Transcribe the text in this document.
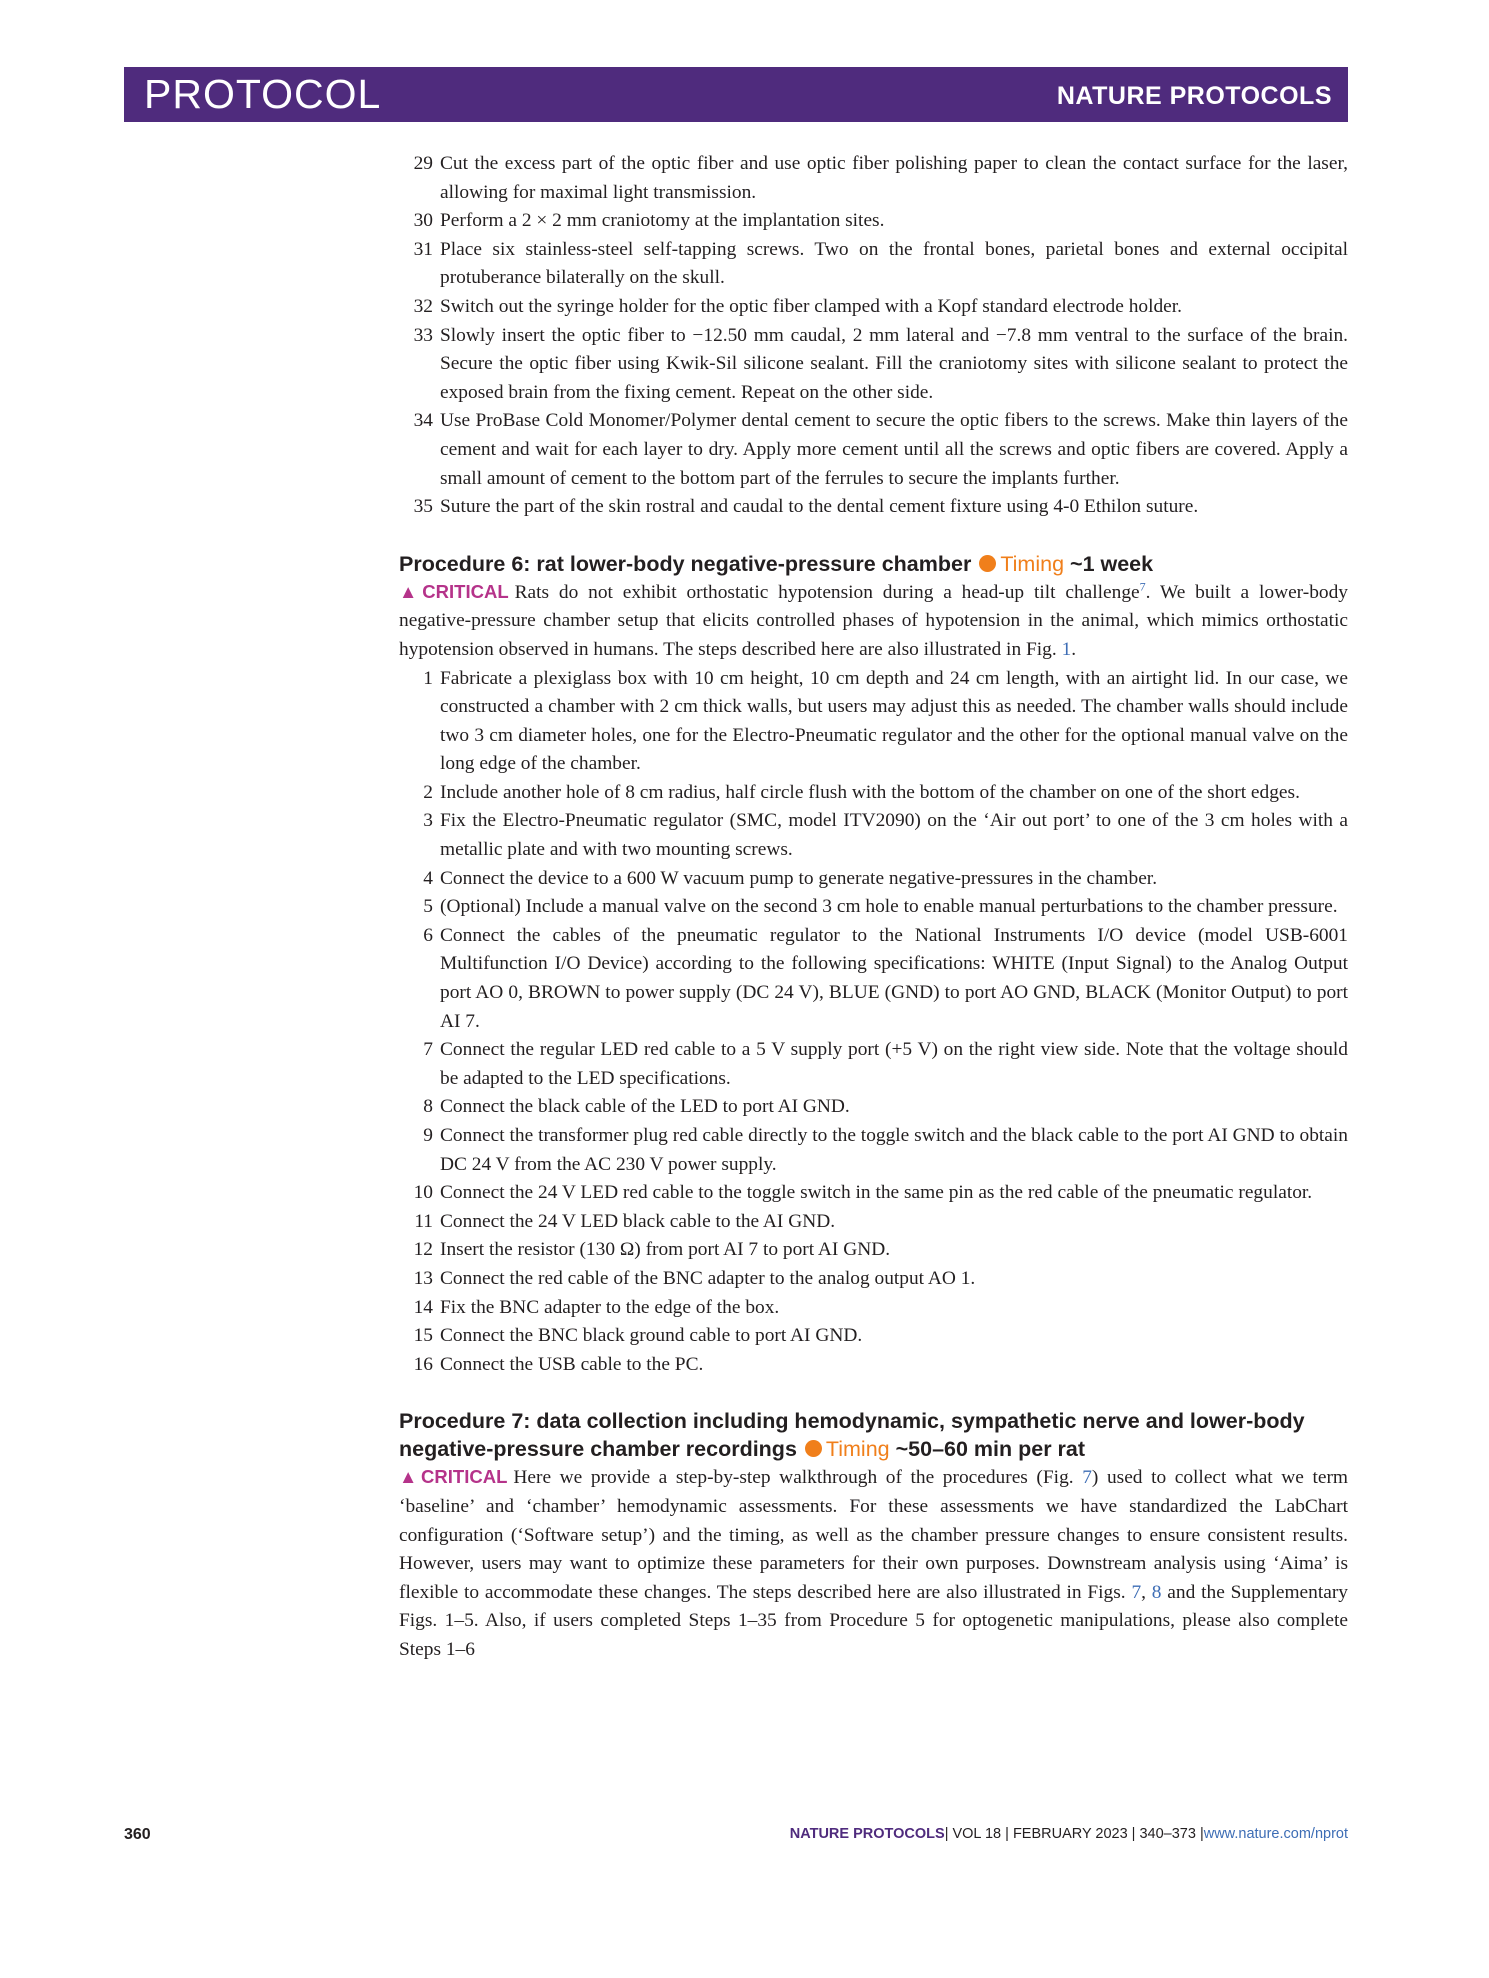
PROTOCOL	NATURE PROTOCOLS
29 Cut the excess part of the optic fiber and use optic fiber polishing paper to clean the contact surface for the laser, allowing for maximal light transmission.
30 Perform a 2 × 2 mm craniotomy at the implantation sites.
31 Place six stainless-steel self-tapping screws. Two on the frontal bones, parietal bones and external occipital protuberance bilaterally on the skull.
32 Switch out the syringe holder for the optic fiber clamped with a Kopf standard electrode holder.
33 Slowly insert the optic fiber to −12.50 mm caudal, 2 mm lateral and −7.8 mm ventral to the surface of the brain. Secure the optic fiber using Kwik-Sil silicone sealant. Fill the craniotomy sites with silicone sealant to protect the exposed brain from the fixing cement. Repeat on the other side.
34 Use ProBase Cold Monomer/Polymer dental cement to secure the optic fibers to the screws. Make thin layers of the cement and wait for each layer to dry. Apply more cement until all the screws and optic fibers are covered. Apply a small amount of cement to the bottom part of the ferrules to secure the implants further.
35 Suture the part of the skin rostral and caudal to the dental cement fixture using 4-0 Ethilon suture.
Procedure 6: rat lower-body negative-pressure chamber Timing ~1 week
▲CRITICAL Rats do not exhibit orthostatic hypotension during a head-up tilt challenge$^7$. We built a lower-body negative-pressure chamber setup that elicits controlled phases of hypotension in the animal, which mimics orthostatic hypotension observed in humans. The steps described here are also illustrated in Fig. 1.
1 Fabricate a plexiglass box with 10 cm height, 10 cm depth and 24 cm length, with an airtight lid. In our case, we constructed a chamber with 2 cm thick walls, but users may adjust this as needed. The chamber walls should include two 3 cm diameter holes, one for the Electro-Pneumatic regulator and the other for the optional manual valve on the long edge of the chamber.
2 Include another hole of 8 cm radius, half circle flush with the bottom of the chamber on one of the short edges.
3 Fix the Electro-Pneumatic regulator (SMC, model ITV2090) on the ‘Air out port’ to one of the 3 cm holes with a metallic plate and with two mounting screws.
4 Connect the device to a 600 W vacuum pump to generate negative-pressures in the chamber.
5 (Optional) Include a manual valve on the second 3 cm hole to enable manual perturbations to the chamber pressure.
6 Connect the cables of the pneumatic regulator to the National Instruments I/O device (model USB-6001 Multifunction I/O Device) according to the following specifications: WHITE (Input Signal) to the Analog Output port AO 0, BROWN to power supply (DC 24 V), BLUE (GND) to port AO GND, BLACK (Monitor Output) to port AI 7.
7 Connect the regular LED red cable to a 5 V supply port (+5 V) on the right view side. Note that the voltage should be adapted to the LED specifications.
8 Connect the black cable of the LED to port AI GND.
9 Connect the transformer plug red cable directly to the toggle switch and the black cable to the port AI GND to obtain DC 24 V from the AC 230 V power supply.
10 Connect the 24 V LED red cable to the toggle switch in the same pin as the red cable of the pneumatic regulator.
11 Connect the 24 V LED black cable to the AI GND.
12 Insert the resistor (130 Ω) from port AI 7 to port AI GND.
13 Connect the red cable of the BNC adapter to the analog output AO 1.
14 Fix the BNC adapter to the edge of the box.
15 Connect the BNC black ground cable to port AI GND.
16 Connect the USB cable to the PC.
Procedure 7: data collection including hemodynamic, sympathetic nerve and lower-body negative-pressure chamber recordings Timing ~50–60 min per rat
▲CRITICAL Here we provide a step-by-step walkthrough of the procedures (Fig. 7) used to collect what we term ‘baseline’ and ‘chamber’ hemodynamic assessments. For these assessments we have standardized the LabChart configuration (‘Software setup’) and the timing, as well as the chamber pressure changes to ensure consistent results. However, users may want to optimize these parameters for their own purposes. Downstream analysis using ‘Aima’ is flexible to accommodate these changes. The steps described here are also illustrated in Figs. 7, 8 and the Supplementary Figs. 1–5. Also, if users completed Steps 1–35 from Procedure 5 for optogenetic manipulations, please also complete Steps 1–6
360	NATURE PROTOCOLS| VOL 18 | FEBRUARY 2023 | 340–373 |www.nature.com/nprot
